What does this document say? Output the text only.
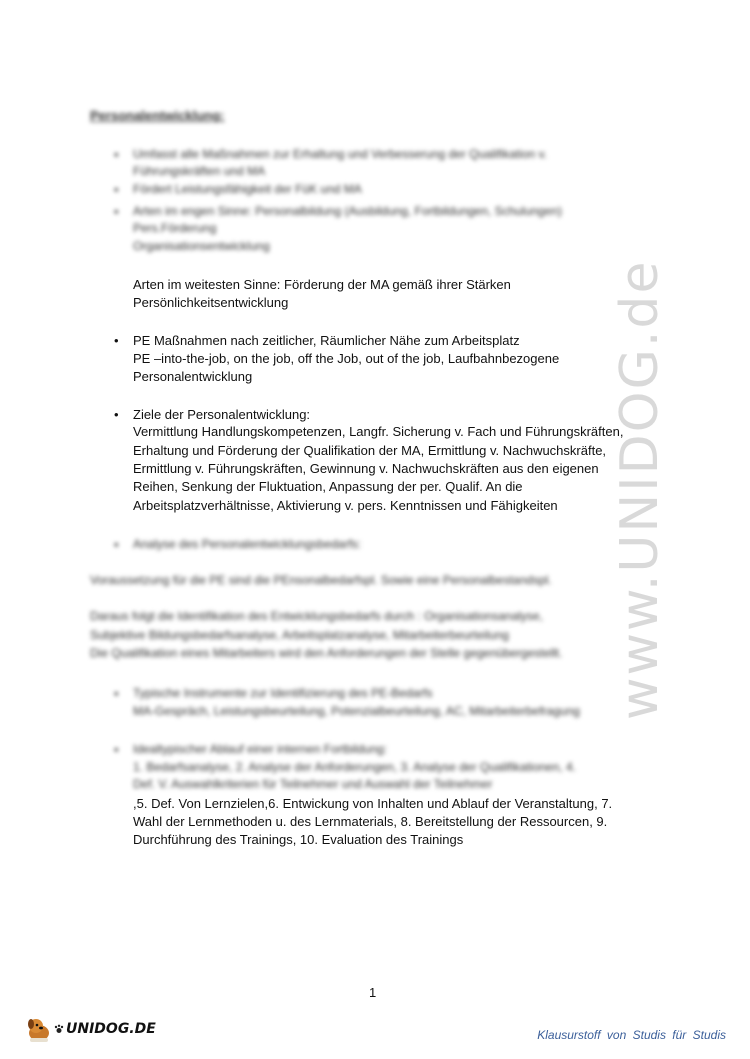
www.UNIDOG.de
Personalentwicklung:
• Umfasst alle Maßnahmen zur Erhaltung und Verbesserung der Qualifikation v.
Führungskräften und MA
• Fördert Leistungsfähigkeit der FüK und MA
• Arten im engen Sinne: Personalbildung (Ausbildung, Fortbildungen, Schulungen)
Pers.Förderung
Organisationsentwicklung
Arten im weitesten Sinne: Förderung der MA gemäß ihrer Stärken
Persönlichkeitsentwicklung
• PE Maßnahmen nach zeitlicher, Räumlicher Nähe zum Arbeitsplatz
PE –into-the-job, on the job, off the Job, out of the job, Laufbahnbezogene
Personalentwicklung
• Ziele der Personalentwicklung:
Vermittlung Handlungskompetenzen, Langfr. Sicherung v. Fach und Führungskräften,
Erhaltung und Förderung der Qualifikation der MA, Ermittlung v. Nachwuchskräfte,
Ermittlung v. Führungskräften, Gewinnung v. Nachwuchskräften aus den eigenen
Reihen, Senkung der Fluktuation, Anpassung der per. Qualif. An die
Arbeitsplatzverhältnisse, Aktivierung v. pers. Kenntnissen und Fähigkeiten
• Analyse des Personalentwicklungsbedarfs:
Voraussetzung für die PE sind die PEnsonalbedarfspl. Sowie eine Personalbestandspl.
Daraus folgt die Identifikation des Entwicklungsbedarfs durch : Organisationsanalyse,
Subjektive Bildungsbedarfsanalyse, Arbeitsplatzanalyse, Mitarbeiterbeurteilung
Die Qualifikation eines Mitarbeiters wird den Anforderungen der Stelle gegenübergestellt.
• Typische Instrumente zur Identifizierung des PE-Bedarfs
MA-Gespräch, Leistungsbeurteilung, Potenzialbeurteilung, AC, Mitarbeiterbefragung
• Idealtypischer Ablauf einer internen Fortbildung:
1. Bedarfsanalyse, 2. Analyse der Anforderungen, 3. Analyse der Qualifikationen, 4.
Def. V. Auswahlkriterien für Teilnehmer und Auswahl der Teilnehmer
,5. Def. Von Lernzielen,6. Entwickung von Inhalten und Ablauf der Veranstaltung, 7.
Wahl der Lernmethoden u. des Lernmaterials, 8. Bereitstellung der Ressourcen, 9.
Durchführung des Trainings, 10. Evaluation des Trainings
1
UNIDOG.DE	Klausurstoff von Studis für Studis
